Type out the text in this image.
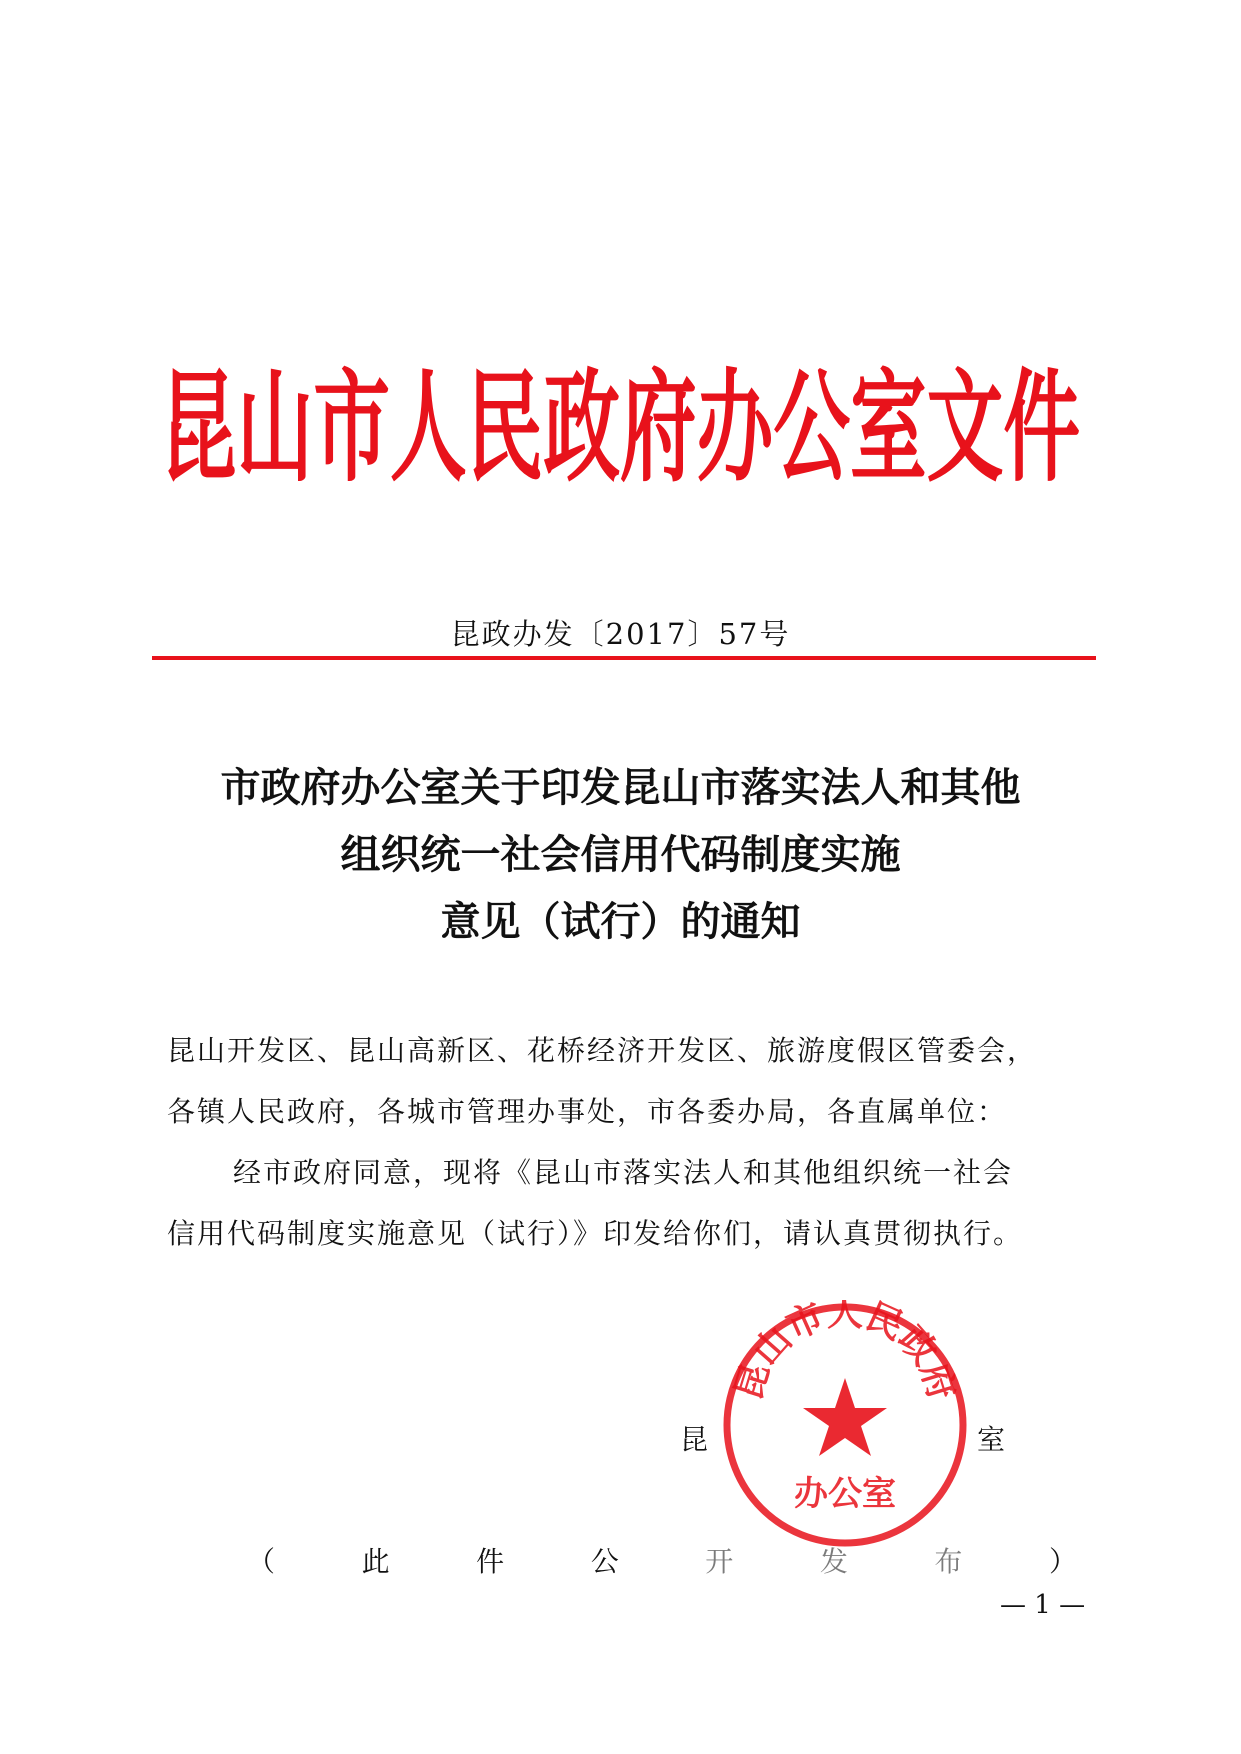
昆山市人民政府办公室文件
昆政办发〔2017〕57号
市政府办公室关于印发昆山市落实法人和其他
组织统一社会信用代码制度实施
意见（试行）的通知
昆山开发区、昆山高新区、花桥经济开发区、旅游度假区管委会，
各镇人民政府，各城市管理办事处，市各委办局，各直属单位：
经市政府同意，现将《昆山市落实法人和其他组织统一社会
信用代码制度实施意见（试行）》印发给你们，请认真贯彻执行。
昆	室
昆山市人民政府
办公室
（	此	件	公	开	发	布	）
— 1 —
